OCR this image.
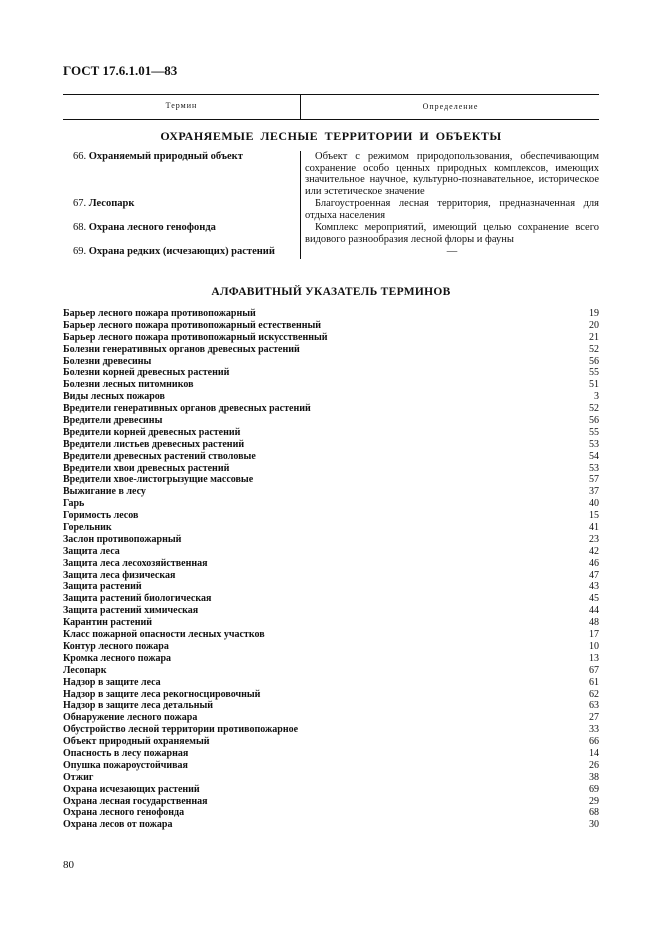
ГОСТ 17.6.1.01—83
Термин	Определение
ОХРАНЯЕМЫЕ ЛЕСНЫЕ ТЕРРИТОРИИ И ОБЪЕКТЫ
66. Охраняемый природный объект	Объект с режимом природопользования, обеспечивающим сохранение особо ценных природных комплексов, имеющих значительное научное, культурно-познавательное, историческое или эстетическое значение
67. Лесопарк	Благоустроенная лесная территория, предназначенная для отдыха населения
68. Охрана лесного генофонда	Комплекс мероприятий, имеющий целью сохранение всего видового разнообразия лесной флоры и фауны
69. Охрана редких (исчезающих) растений	—
АЛФАВИТНЫЙ УКАЗАТЕЛЬ ТЕРМИНОВ
Барьер лесного пожара противопожарный	19
Барьер лесного пожара противопожарный естественный	20
Барьер лесного пожара противопожарный искусственный	21
Болезни генеративных органов древесных растений	52
Болезни древесины	56
Болезни корней древесных растений	55
Болезни лесных питомников	51
Виды лесных пожаров	3
Вредители генеративных органов древесных растений	52
Вредители древесины	56
Вредители корней древесных растений	55
Вредители листьев древесных растений	53
Вредители древесных растений стволовые	54
Вредители хвои древесных растений	53
Вредители хвое-листогрызущие массовые	57
Выжигание в лесу	37
Гарь	40
Горимость лесов	15
Горельник	41
Заслон противопожарный	23
Защита леса	42
Защита леса лесохозяйственная	46
Защита леса физическая	47
Защита растений	43
Защита растений биологическая	45
Защита растений химическая	44
Карантин растений	48
Класс пожарной опасности лесных участков	17
Контур лесного пожара	10
Кромка лесного пожара	13
Лесопарк	67
Надзор в защите леса	61
Надзор в защите леса рекогносцировочный	62
Надзор в защите леса детальный	63
Обнаружение лесного пожара	27
Обустройство лесной территории противопожарное	33
Объект природный охраняемый	66
Опасность в лесу пожарная	14
Опушка пожароустойчивая	26
Отжиг	38
Охрана исчезающих растений	69
Охрана лесная государственная	29
Охрана лесного генофонда	68
Охрана лесов от пожара	30
80
